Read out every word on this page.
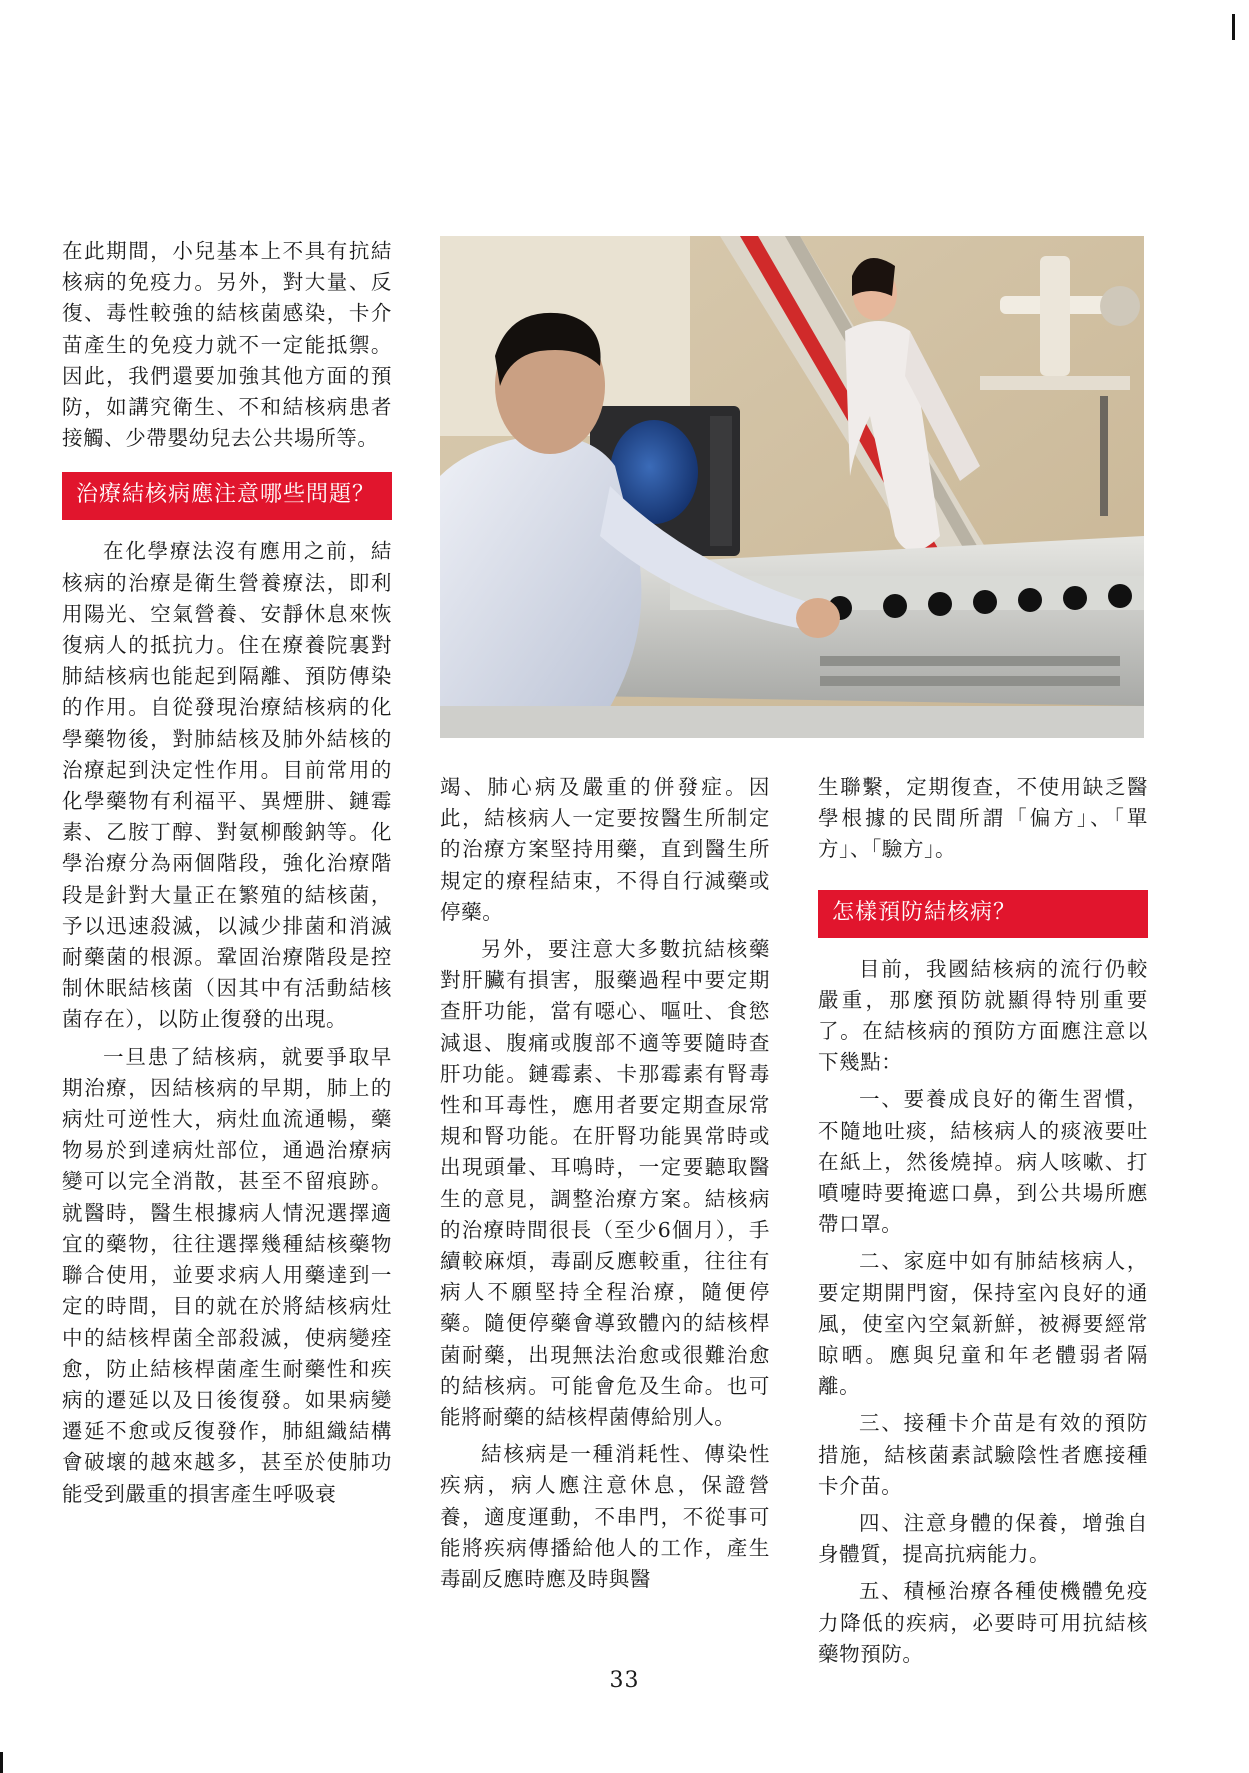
在此期間，小兒基本上不具有抗結核病的免疫力。另外，對大量、反復、毒性較強的結核菌感染，卡介苗產生的免疫力就不一定能抵禦。因此，我們還要加強其他方面的預防，如講究衛生、不和結核病患者接觸、少帶嬰幼兒去公共場所等。

治療結核病應注意哪些問題？

在化學療法沒有應用之前，結核病的治療是衛生營養療法，即利用陽光、空氣營養、安靜休息來恢復病人的抵抗力。住在療養院裏對肺結核病也能起到隔離、預防傳染的作用。自從發現治療結核病的化學藥物後，對肺結核及肺外結核的治療起到決定性作用。目前常用的化學藥物有利福平、異煙肼、鏈霉素、乙胺丁醇、對氨柳酸鈉等。化學治療分為兩個階段，強化治療階段是針對大量正在繁殖的結核菌，予以迅速殺滅，以減少排菌和消滅耐藥菌的根源。鞏固治療階段是控制休眠結核菌（因其中有活動結核菌存在），以防止復發的出現。

一旦患了結核病，就要爭取早期治療，因結核病的早期，肺上的病灶可逆性大，病灶血流通暢，藥物易於到達病灶部位，通過治療病變可以完全消散，甚至不留痕跡。就醫時，醫生根據病人情況選擇適宜的藥物，往往選擇幾種結核藥物聯合使用，並要求病人用藥達到一定的時間，目的就在於將結核病灶中的結核桿菌全部殺滅，使病變痊愈，防止結核桿菌產生耐藥性和疾病的遷延以及日後復發。如果病變遷延不愈或反復發作，肺組織結構會破壞的越來越多，甚至於使肺功能受到嚴重的損害產生呼吸衰

竭、肺心病及嚴重的併發症。因此，結核病人一定要按醫生所制定的治療方案堅持用藥，直到醫生所規定的療程結束，不得自行減藥或停藥。

另外，要注意大多數抗結核藥對肝臟有損害，服藥過程中要定期查肝功能，當有噁心、嘔吐、食慾減退、腹痛或腹部不適等要隨時查肝功能。鏈霉素、卡那霉素有腎毒性和耳毒性，應用者要定期查尿常規和腎功能。在肝腎功能異常時或出現頭暈、耳鳴時，一定要聽取醫生的意見，調整治療方案。結核病的治療時間很長（至少6個月），手續較麻煩，毒副反應較重，往往有病人不願堅持全程治療，隨便停藥。隨便停藥會導致體內的結核桿菌耐藥，出現無法治愈或很難治愈的結核病。可能會危及生命。也可能將耐藥的結核桿菌傳給別人。

結核病是一種消耗性、傳染性疾病，病人應注意休息，保證營養，適度運動，不串門，不從事可能將疾病傳播給他人的工作，產生毒副反應時應及時與醫

生聯繫，定期復查，不使用缺乏醫學根據的民間所謂「偏方」、「單方」、「驗方」。

怎樣預防結核病？

目前，我國結核病的流行仍較嚴重，那麼預防就顯得特別重要了。在結核病的預防方面應注意以下幾點：

一、要養成良好的衛生習慣，不隨地吐痰，結核病人的痰液要吐在紙上，然後燒掉。病人咳嗽、打噴嚏時要掩遮口鼻，到公共場所應帶口罩。

二、家庭中如有肺結核病人，要定期開門窗，保持室內良好的通風，使室內空氣新鮮，被褥要經常晾晒。應與兒童和年老體弱者隔離。

三、接種卡介苗是有效的預防措施，結核菌素試驗陰性者應接種卡介苗。

四、注意身體的保養，增強自身體質，提高抗病能力。

五、積極治療各種使機體免疫力降低的疾病，必要時可用抗結核藥物預防。

33
